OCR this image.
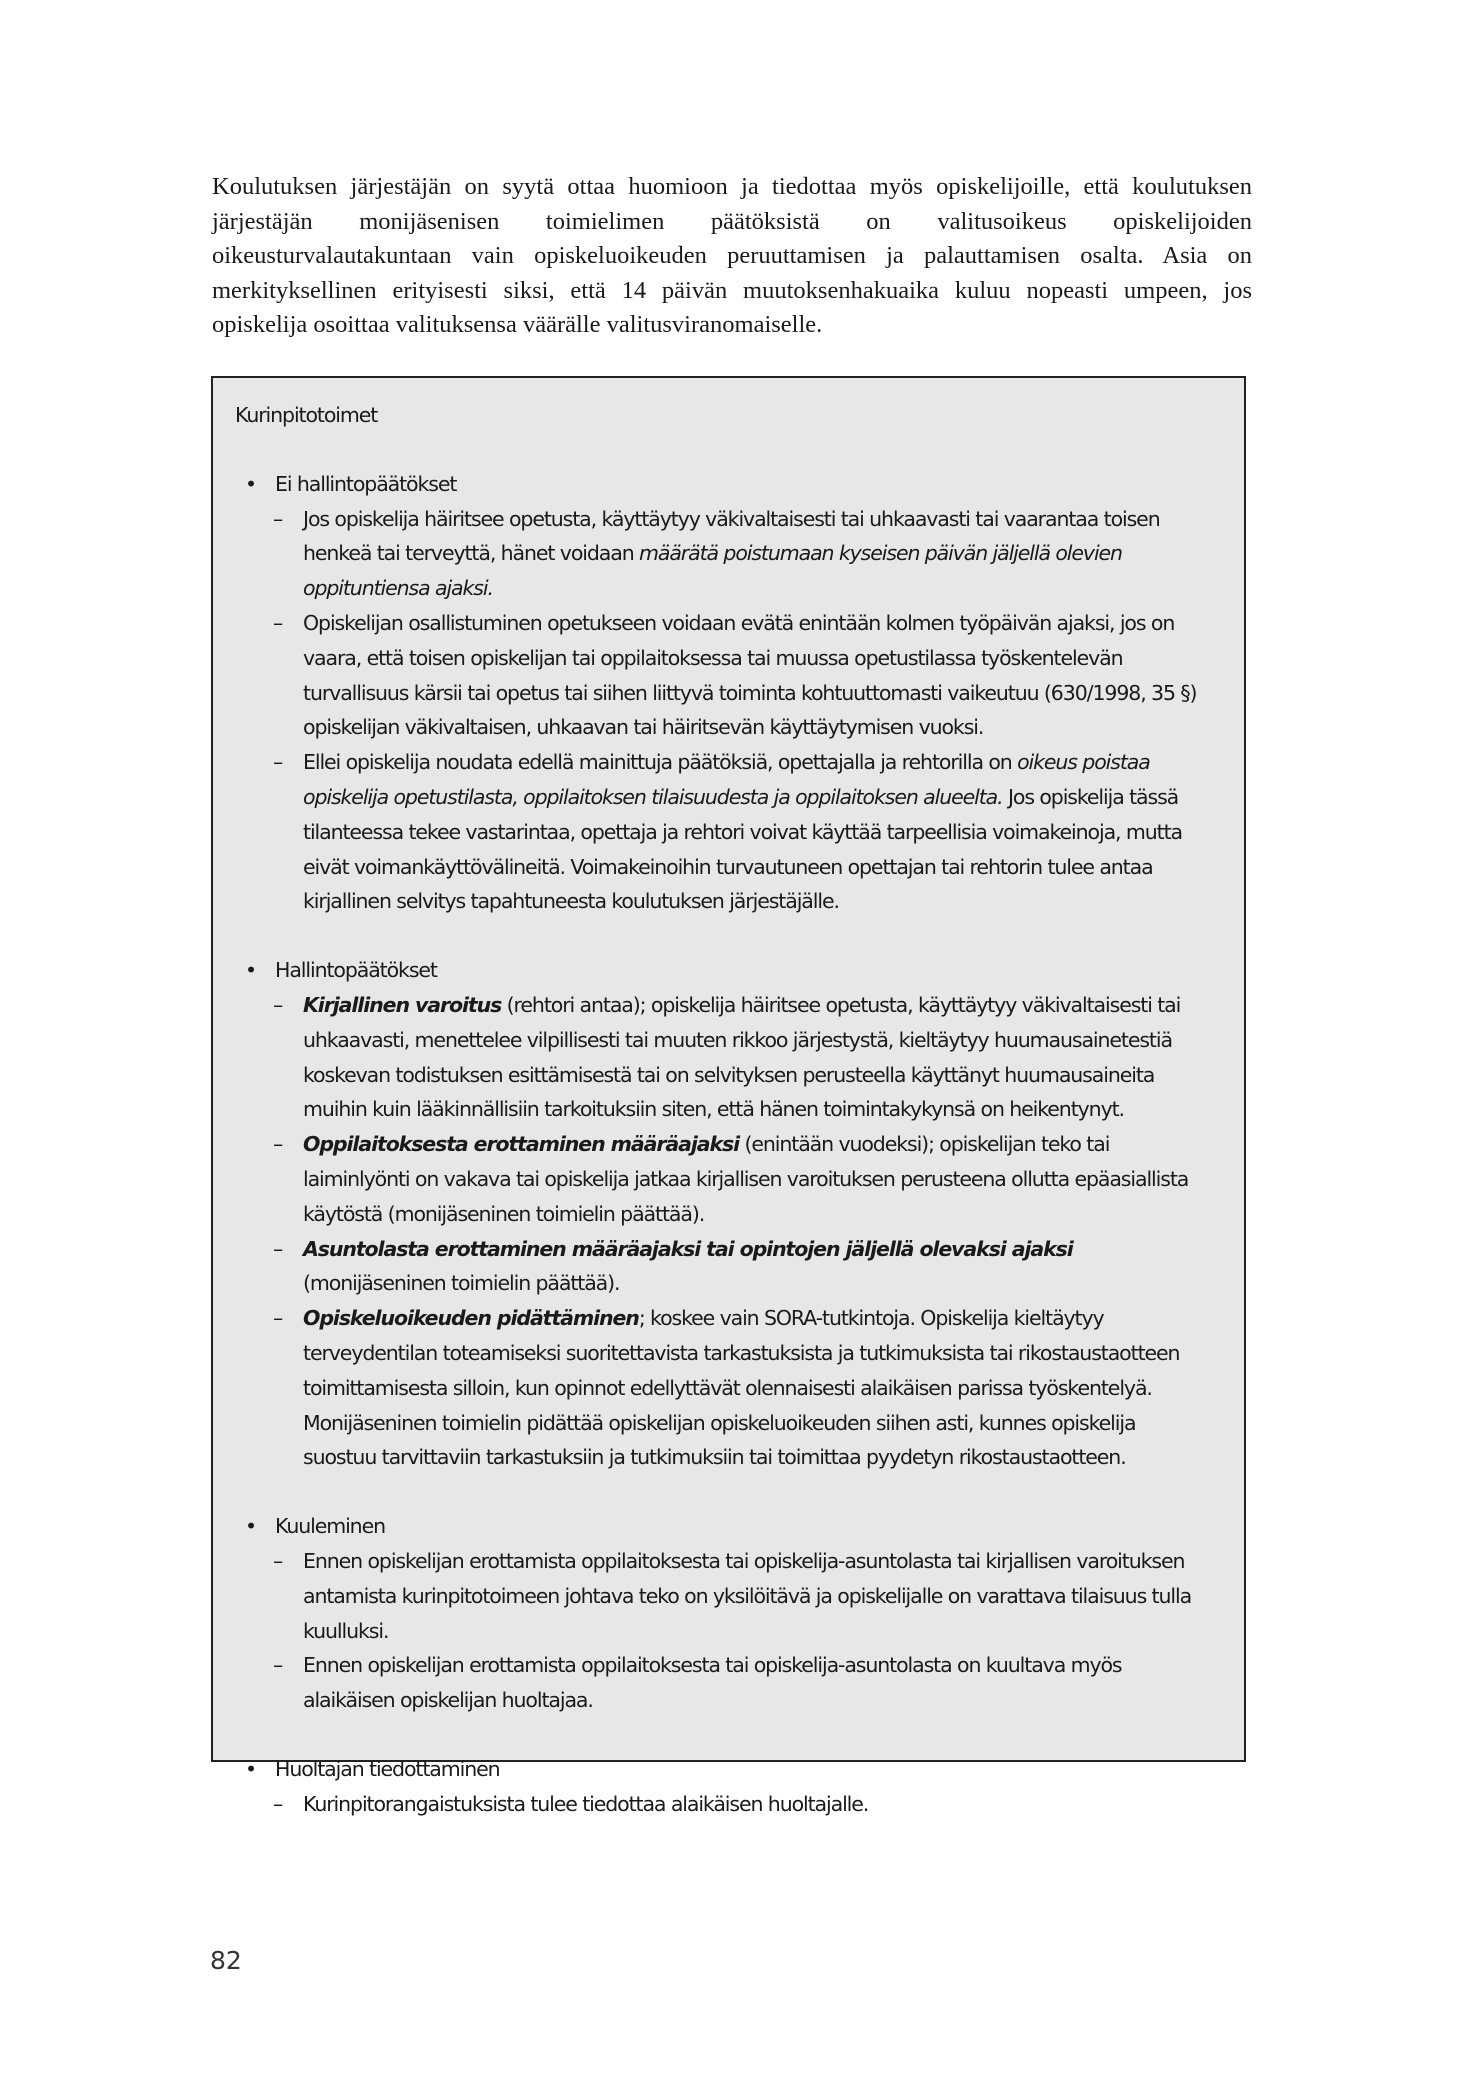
Koulutuksen järjestäjän on syytä ottaa huomioon ja tiedottaa myös opiskelijoille, että koulutuksen järjestäjän monijäsenisen toimielimen päätöksistä on valitusoikeus opiskelijoiden oikeusturvalautakuntaan vain opiskeluoikeuden peruuttamisen ja palauttamisen osalta. Asia on merkityksellinen erityisesti siksi, että 14 päivän muutoksenhakuaika kuluu nopeasti umpeen, jos opiskelija osoittaa valituksensa väärälle valitusviranomaiselle.

Kurinpitotoimet
• Ei hallintopäätökset
– Jos opiskelija häiritsee opetusta, käyttäytyy väkivaltaisesti tai uhkaavasti tai vaarantaa toisen henkeä tai terveyttä, hänet voidaan määrätä poistumaan kyseisen päivän jäljellä olevien oppituntiensa ajaksi.
– Opiskelijan osallistuminen opetukseen voidaan evätä enintään kolmen työpäivän ajaksi, jos on vaara, että toisen opiskelijan tai oppilaitoksessa tai muussa opetustilassa työskentelevän turvallisuus kärsii tai opetus tai siihen liittyvä toiminta kohtuuttomasti vaikeutuu (630/1998, 35 §) opiskelijan väkivaltaisen, uhkaavan tai häiritsevän käyttäytymisen vuoksi.
– Ellei opiskelija noudata edellä mainittuja päätöksiä, opettajalla ja rehtorilla on oikeus poistaa opiskelija opetustilasta, oppilaitoksen tilaisuudesta ja oppilaitoksen alueelta. Jos opiskelija tässä tilanteessa tekee vastarintaa, opettaja ja rehtori voivat käyttää tarpeellisia voimakeinoja, mutta eivät voimankäyttövälineitä. Voimakeinoihin turvautuneen opettajan tai rehtorin tulee antaa kirjallinen selvitys tapahtuneesta koulutuksen järjestäjälle.
• Hallintopäätökset
– Kirjallinen varoitus (rehtori antaa); opiskelija häiritsee opetusta, käyttäytyy väkivaltaisesti tai uhkaavasti, menettelee vilpillisesti tai muuten rikkoo järjestystä, kieltäytyy huumausainetestiä koskevan todistuksen esittämisestä tai on selvityksen perusteella käyttänyt huumausaineita muihin kuin lääkinnällisiin tarkoituksiin siten, että hänen toimintakykynsä on heikentynyt.
– Oppilaitoksesta erottaminen määräajaksi (enintään vuodeksi); opiskelijan teko tai laiminlyönti on vakava tai opiskelija jatkaa kirjallisen varoituksen perusteena ollutta epäasiallista käytöstä (monijäseninen toimielin päättää).
– Asuntolasta erottaminen määräajaksi tai opintojen jäljellä olevaksi ajaksi (monijäseninen toimielin päättää).
– Opiskeluoikeuden pidättäminen; koskee vain SORA-tutkintoja. Opiskelija kieltäytyy terveydentilan toteamiseksi suoritettavista tarkastuksista ja tutkimuksista tai rikostaustaotteen toimittamisesta silloin, kun opinnot edellyttävät olennaisesti alaikäisen parissa työskentelyä. Monijäseninen toimielin pidättää opiskelijan opiskeluoikeuden siihen asti, kunnes opiskelija suostuu tarvittaviin tarkastuksiin ja tutkimuksiin tai toimittaa pyydetyn rikostaustaotteen.
• Kuuleminen
– Ennen opiskelijan erottamista oppilaitoksesta tai opiskelija-asuntolasta tai kirjallisen varoituksen antamista kurinpitotoimeen johtava teko on yksilöitävä ja opiskelijalle on varattava tilaisuus tulla kuulluksi.
– Ennen opiskelijan erottamista oppilaitoksesta tai opiskelija-asuntolasta on kuultava myös alaikäisen opiskelijan huoltajaa.
• Huoltajan tiedottaminen
– Kurinpitorangaistuksista tulee tiedottaa alaikäisen huoltajalle.
82
